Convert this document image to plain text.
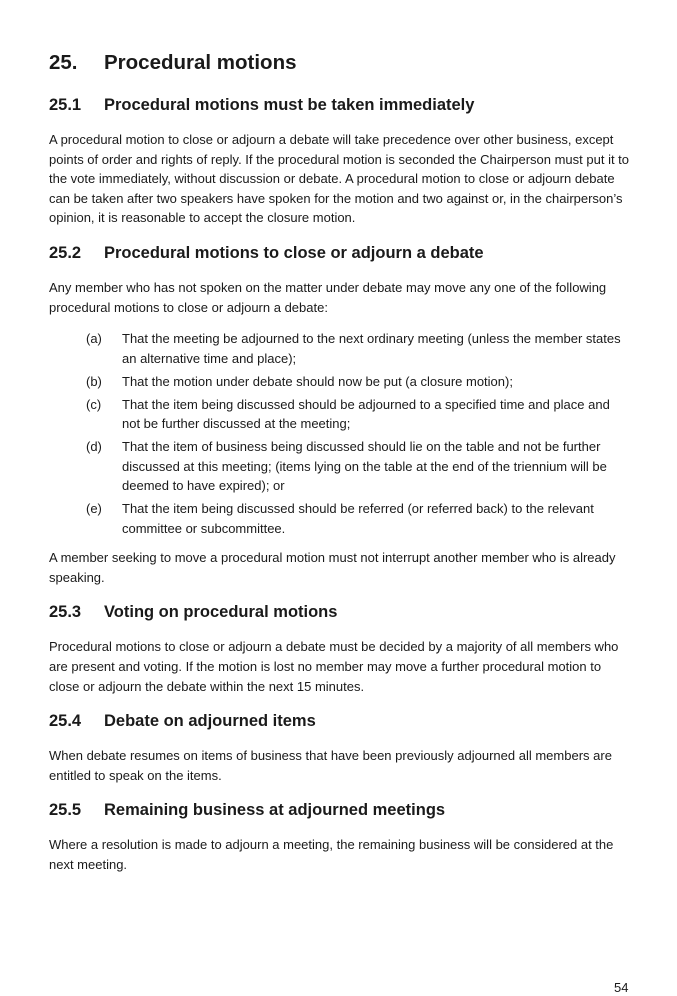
25.	Procedural motions
25.1	Procedural motions must be taken immediately

A procedural motion to close or adjourn a debate will take precedence over other business, except points of order and rights of reply. If the procedural motion is seconded the Chairperson must put it to the vote immediately, without discussion or debate. A procedural motion to close or adjourn debate can be taken after two speakers have spoken for the motion and two against or, in the chairperson’s opinion, it is reasonable to accept the closure motion.

25.2	Procedural motions to close or adjourn a debate

Any member who has not spoken on the matter under debate may move any one of the following procedural motions to close or adjourn a debate:

(a)	That the meeting be adjourned to the next ordinary meeting (unless the member states an alternative time and place);
(b)	That the motion under debate should now be put (a closure motion);
(c)	That the item being discussed should be adjourned to a specified time and place and not be further discussed at the meeting;
(d)	That the item of business being discussed should lie on the table and not be further discussed at this meeting; (items lying on the table at the end of the triennium will be deemed to have expired); or
(e)	That the item being discussed should be referred (or referred back) to the relevant committee or subcommittee.

A member seeking to move a procedural motion must not interrupt another member who is already speaking.

25.3	Voting on procedural motions

Procedural motions to close or adjourn a debate must be decided by a majority of all members who are present and voting. If the motion is lost no member may move a further procedural motion to close or adjourn the debate within the next 15 minutes.

25.4	Debate on adjourned items

When debate resumes on items of business that have been previously adjourned all members are entitled to speak on the items.

25.5	Remaining business at adjourned meetings

Where a resolution is made to adjourn a meeting, the remaining business will be considered at the next meeting.

54
